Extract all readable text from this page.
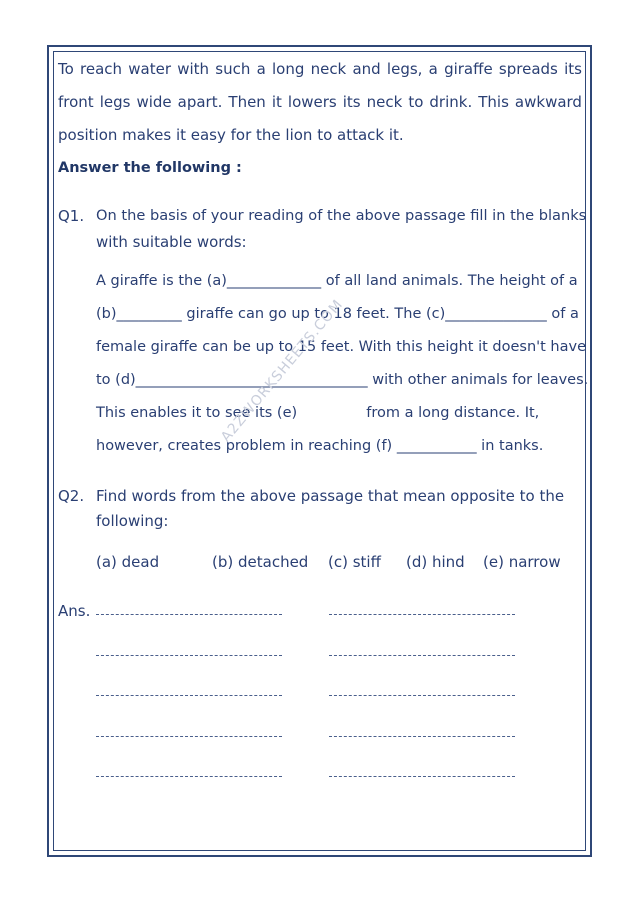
To reach water with such a long neck and legs, a giraffe spreads its
front legs wide apart. Then it lowers its neck to drink. This awkward
position makes it easy for the lion to attack it.
Answer the following :
Q1. On the basis of your reading of the above passage fill in the blanks
with suitable words:
A giraffe is the (a)_____________ of all land animals. The height of a
(b)_________ giraffe can go up to 18 feet. The (c)______________ of a
female giraffe can be up to 15 feet. With this height it doesn't have
to (d)________________________________ with other animals for leaves.
This enables it to see its (e)               from a long distance. It,
however, creates problem in reaching (f) ___________ in tanks.
Q2. Find words from the above passage that mean opposite to the
following:
(a) dead	(b) detached (c) stiff (d) hind (e) narrow
Ans.
A2ZWORKSHEETS.COM
